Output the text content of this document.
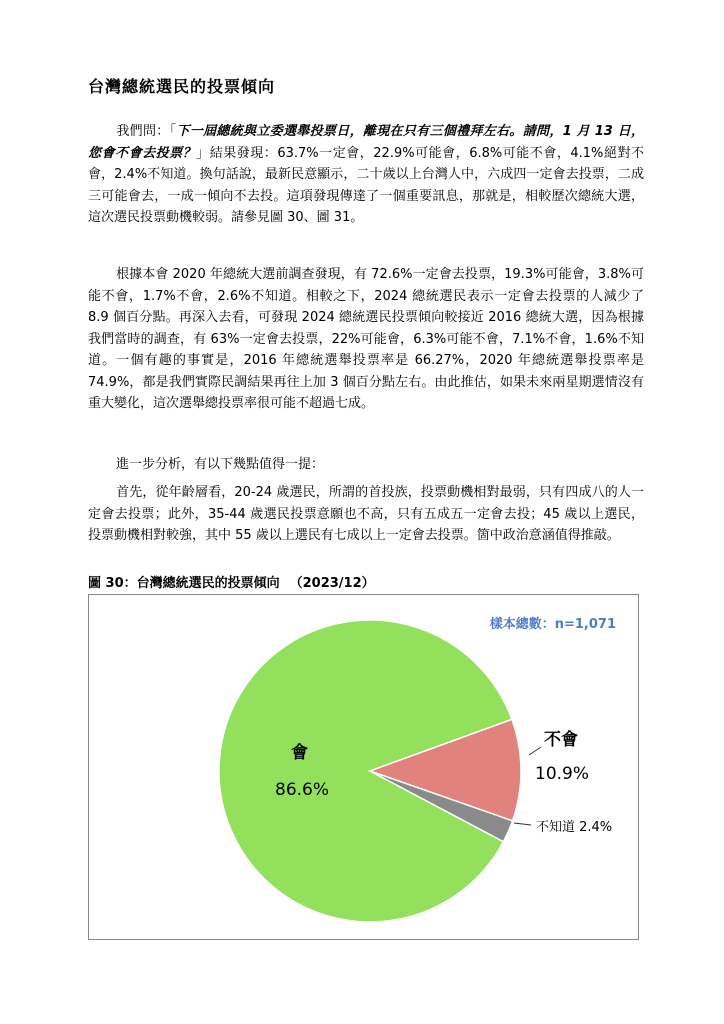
台灣總統選民的投票傾向
我們問：「下一屆總統與立委選舉投票日，離現在只有三個禮拜左右。請問，1 月 13 日，您會不會去投票？」結果發現：63.7%一定會，22.9%可能會，6.8%可能不會，4.1%絕對不會，2.4%不知道。換句話說，最新民意顯示，二十歲以上台灣人中，六成四一定會去投票，二成三可能會去，一成一傾向不去投。這項發現傳達了一個重要訊息，那就是，相較歷次總統大選，這次選民投票動機較弱。請參見圖 30、圖 31。
根據本會 2020 年總統大選前調查發現，有 72.6%一定會去投票，19.3%可能會，3.8%可能不會，1.7%不會，2.6%不知道。相較之下，2024 總統選民表示一定會去投票的人減少了 8.9 個百分點。再深入去看，可發現 2024 總統選民投票傾向較接近 2016 總統大選，因為根據我們當時的調查，有 63%一定會去投票，22%可能會，6.3%可能不會，7.1%不會，1.6%不知道。一個有趣的事實是，2016 年總統選舉投票率是 66.27%，2020 年總統選舉投票率是 74.9%，都是我們實際民調結果再往上加 3 個百分點左右。由此推估，如果未來兩星期選情沒有重大變化，這次選舉總投票率很可能不超過七成。
進一步分析，有以下幾點值得一提：
首先，從年齡層看，20-24 歲選民，所謂的首投族，投票動機相對最弱，只有四成八的人一定會去投票；此外，35-44 歲選民投票意願也不高，只有五成五一定會去投；45 歲以上選民，投票動機相對較強，其中 55 歲以上選民有七成以上一定會去投票。箇中政治意涵值得推敲。
圖 30：台灣總統選民的投票傾向 （2023/12）
樣本總數：n=1,071
會
86.6%
不會
10.9%
不知道 2.4%
